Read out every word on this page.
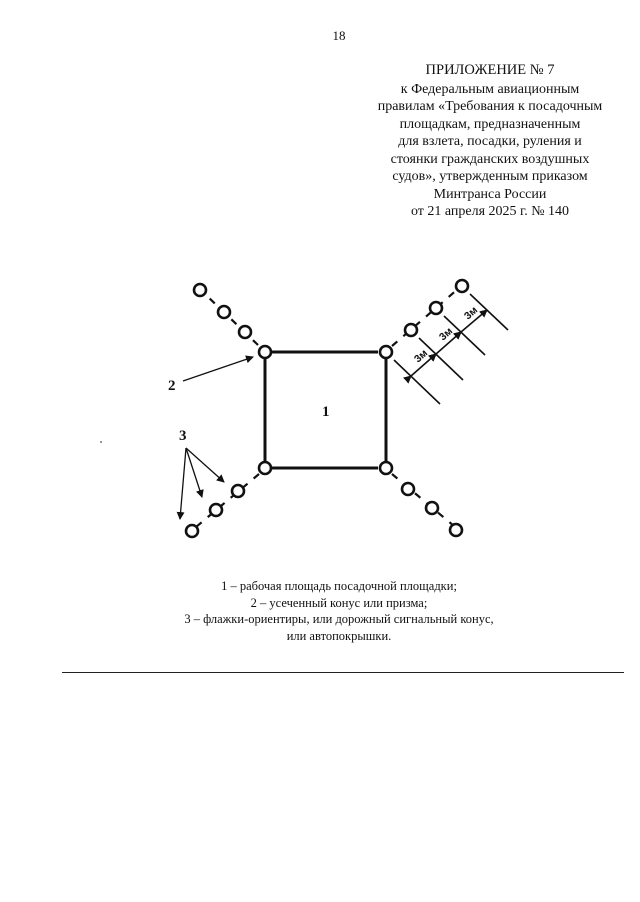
18
ПРИЛОЖЕНИЕ № 7
к Федеральным авиационным
правилам «Требования к посадочным
площадкам, предназначенным
для взлета, посадки, руления и
стоянки гражданских воздушных
судов», утвержденным приказом
Минтранса России
от 21 апреля 2025 г. № 140
3м
3м
3м
1
2
3
1 – рабочая площадь посадочной площадки;
2 – усеченный конус или призма;
3 – флажки-ориентиры, или дорожный сигнальный конус,
или автопокрышки.
